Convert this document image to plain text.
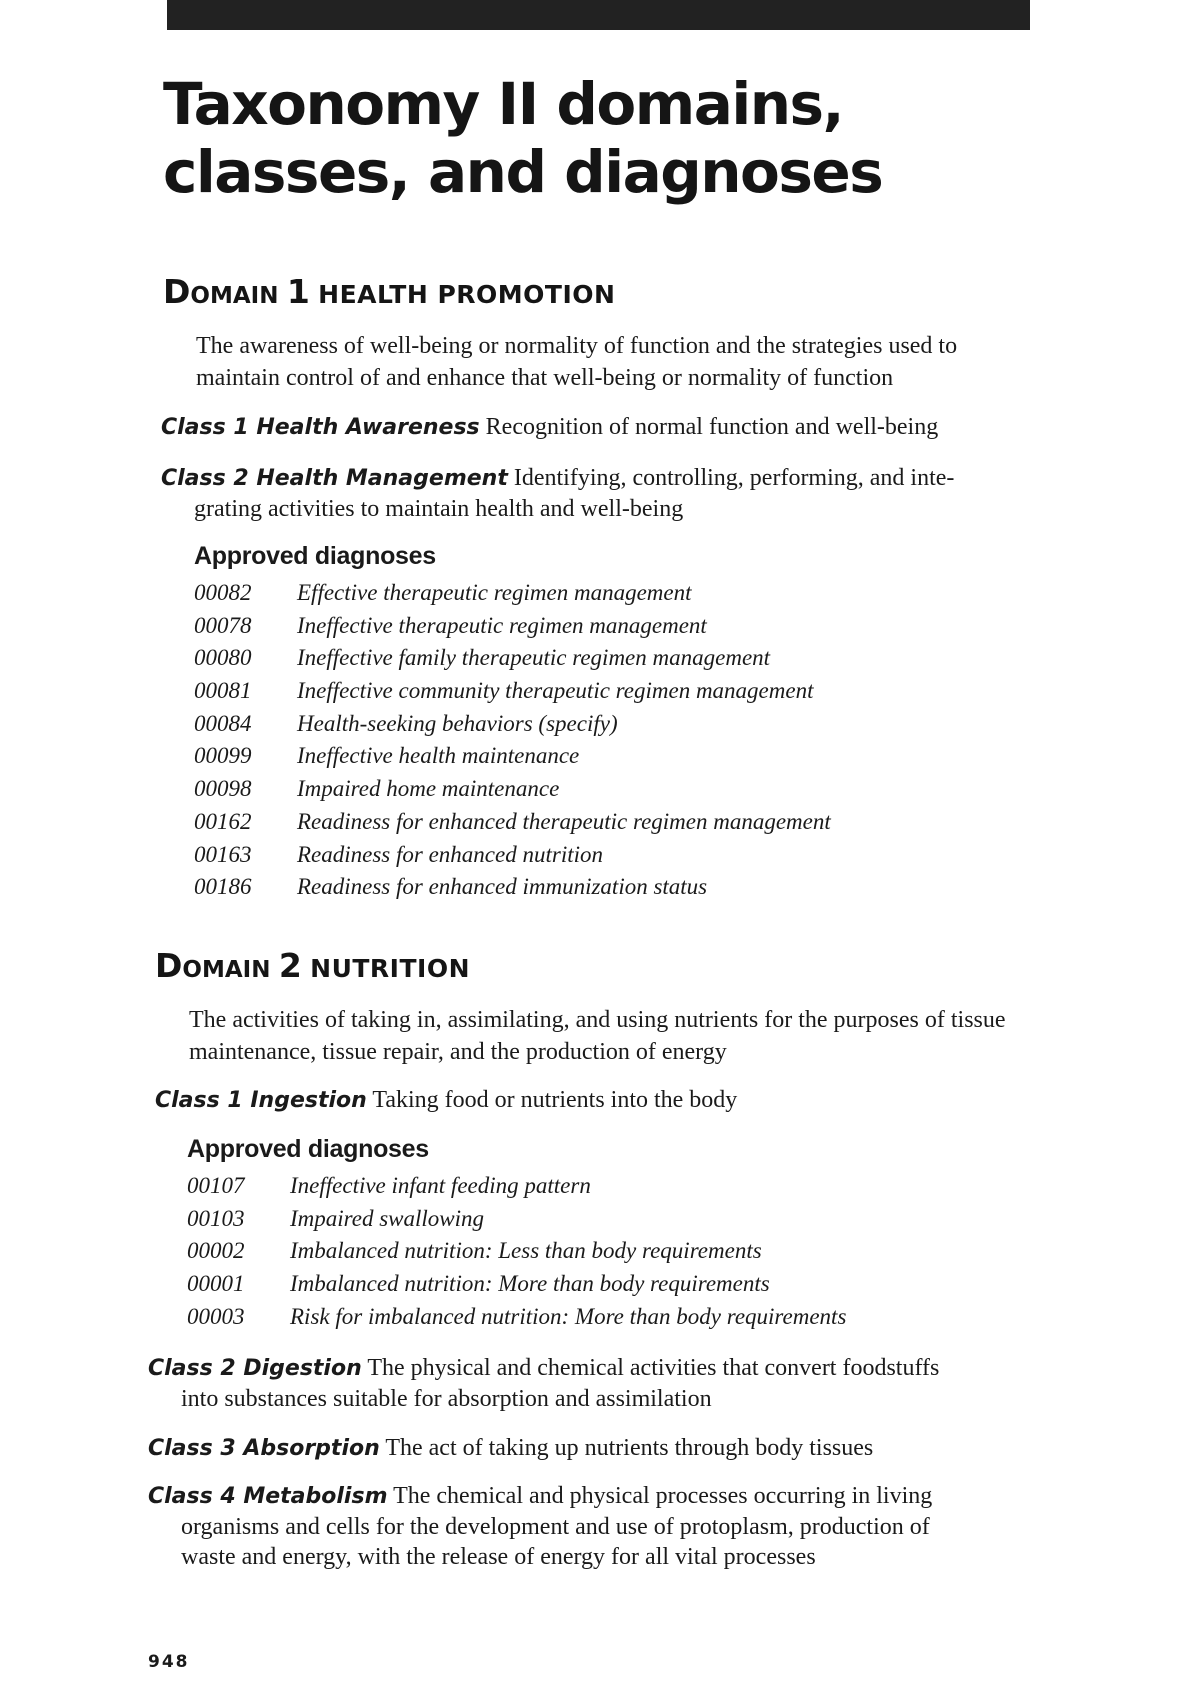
Taxonomy II domains, classes, and diagnoses
Domain 1 HEALTH PROMOTION

The awareness of well-being or normality of function and the strategies used to maintain control of and enhance that well-being or normality of function

Class 1 Health Awareness Recognition of normal function and well-being

Class 2 Health Management Identifying, controlling, performing, and inte-
grating activities to maintain health and well-being

Approved diagnoses

00082 Effective therapeutic regimen management
00078 Ineffective therapeutic regimen management
00080 Ineffective family therapeutic regimen management
00081 Ineffective community therapeutic regimen management
00084 Health-seeking behaviors (specify)
00099 Ineffective health maintenance
00098 Impaired home maintenance
00162 Readiness for enhanced therapeutic regimen management
00163 Readiness for enhanced nutrition
00186 Readiness for enhanced immunization status
Domain 2 NUTRITION

The activities of taking in, assimilating, and using nutrients for the purposes of tissue maintenance, tissue repair, and the production of energy

Class 1 Ingestion Taking food or nutrients into the body

Approved diagnoses

00107 Ineffective infant feeding pattern
00103 Impaired swallowing
00002 Imbalanced nutrition: Less than body requirements
00001 Imbalanced nutrition: More than body requirements
00003 Risk for imbalanced nutrition: More than body requirements

Class 2 Digestion The physical and chemical activities that convert foodstuffs
into substances suitable for absorption and assimilation

Class 3 Absorption The act of taking up nutrients through body tissues

Class 4 Metabolism The chemical and physical processes occurring in living
organisms and cells for the development and use of protoplasm, production of
waste and energy, with the release of energy for all vital processes

948
